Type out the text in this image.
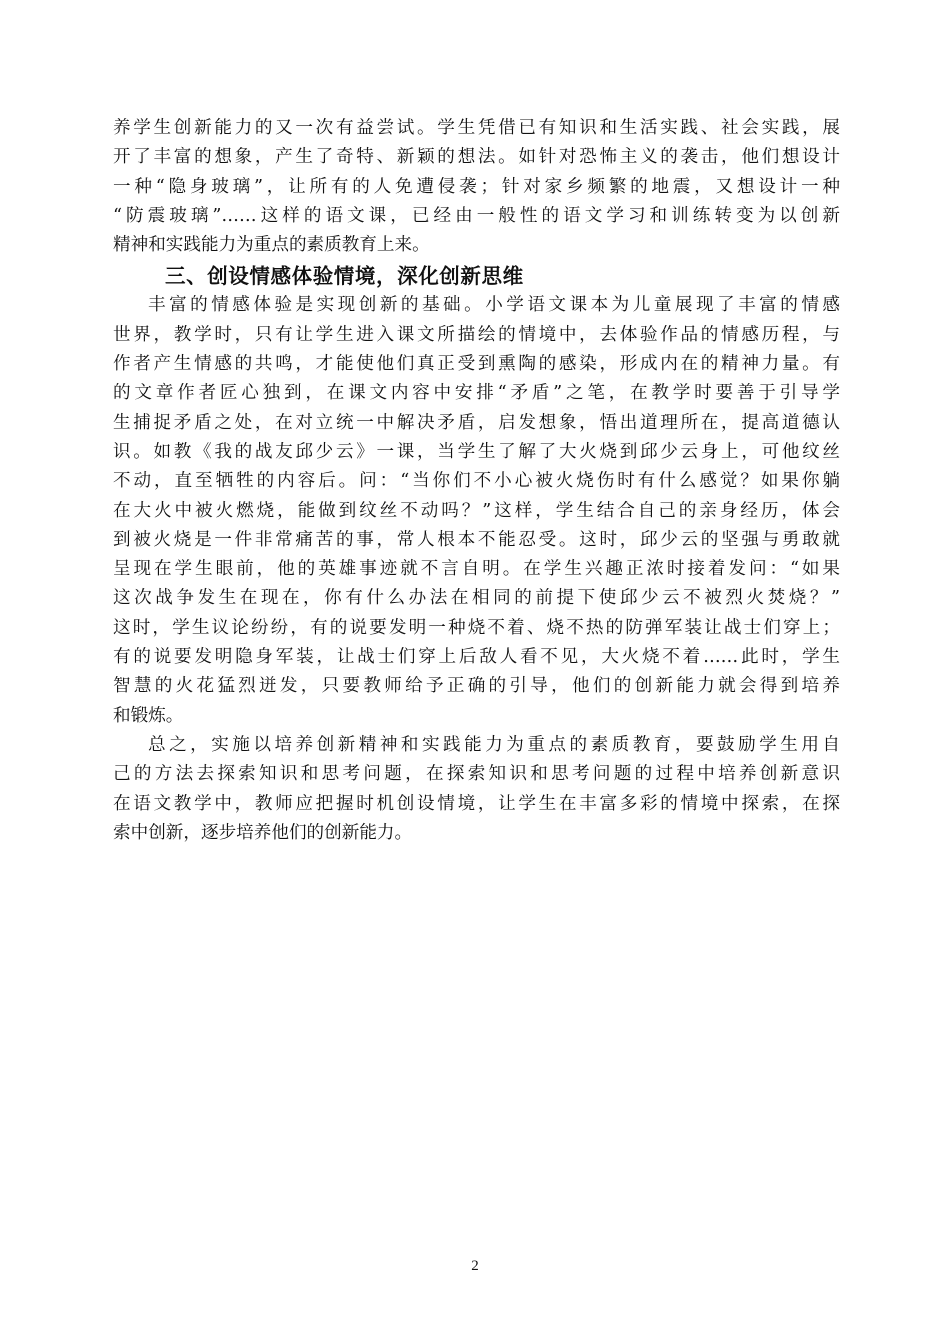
养学生创新能力的又一次有益尝试。学生凭借已有知识和生活实践、社会实践，展
开了丰富的想象，产生了奇特、新颖的想法。如针对恐怖主义的袭击，他们想设计
一种“隐身玻璃”，让所有的人免遭侵袭；针对家乡频繁的地震，又想设计一种
“防震玻璃”……这样的语文课，已经由一般性的语文学习和训练转变为以创新
精神和实践能力为重点的素质教育上来。
三、创设情感体验情境，深化创新思维
丰富的情感体验是实现创新的基础。小学语文课本为儿童展现了丰富的情感
世界，教学时，只有让学生进入课文所描绘的情境中，去体验作品的情感历程，与
作者产生情感的共鸣，才能使他们真正受到熏陶的感染，形成内在的精神力量。有
的文章作者匠心独到，在课文内容中安排“矛盾”之笔，在教学时要善于引导学
生捕捉矛盾之处，在对立统一中解决矛盾，启发想象，悟出道理所在，提高道德认
识。如教《我的战友邱少云》一课，当学生了解了大火烧到邱少云身上，可他纹丝
不动，直至牺牲的内容后。问：“当你们不小心被火烧伤时有什么感觉？如果你躺
在大火中被火燃烧，能做到纹丝不动吗？”这样，学生结合自己的亲身经历，体会
到被火烧是一件非常痛苦的事，常人根本不能忍受。这时，邱少云的坚强与勇敢就
呈现在学生眼前，他的英雄事迹就不言自明。在学生兴趣正浓时接着发问：“如果
这次战争发生在现在，你有什么办法在相同的前提下使邱少云不被烈火焚烧？”
这时，学生议论纷纷，有的说要发明一种烧不着、烧不热的防弹军装让战士们穿上；
有的说要发明隐身军装，让战士们穿上后敌人看不见，大火烧不着……此时，学生
智慧的火花猛烈迸发，只要教师给予正确的引导，他们的创新能力就会得到培养
和锻炼。
总之，实施以培养创新精神和实践能力为重点的素质教育，要鼓励学生用自
己的方法去探索知识和思考问题，在探索知识和思考问题的过程中培养创新意识
在语文教学中，教师应把握时机创设情境，让学生在丰富多彩的情境中探索，在探
索中创新，逐步培养他们的创新能力。
2
